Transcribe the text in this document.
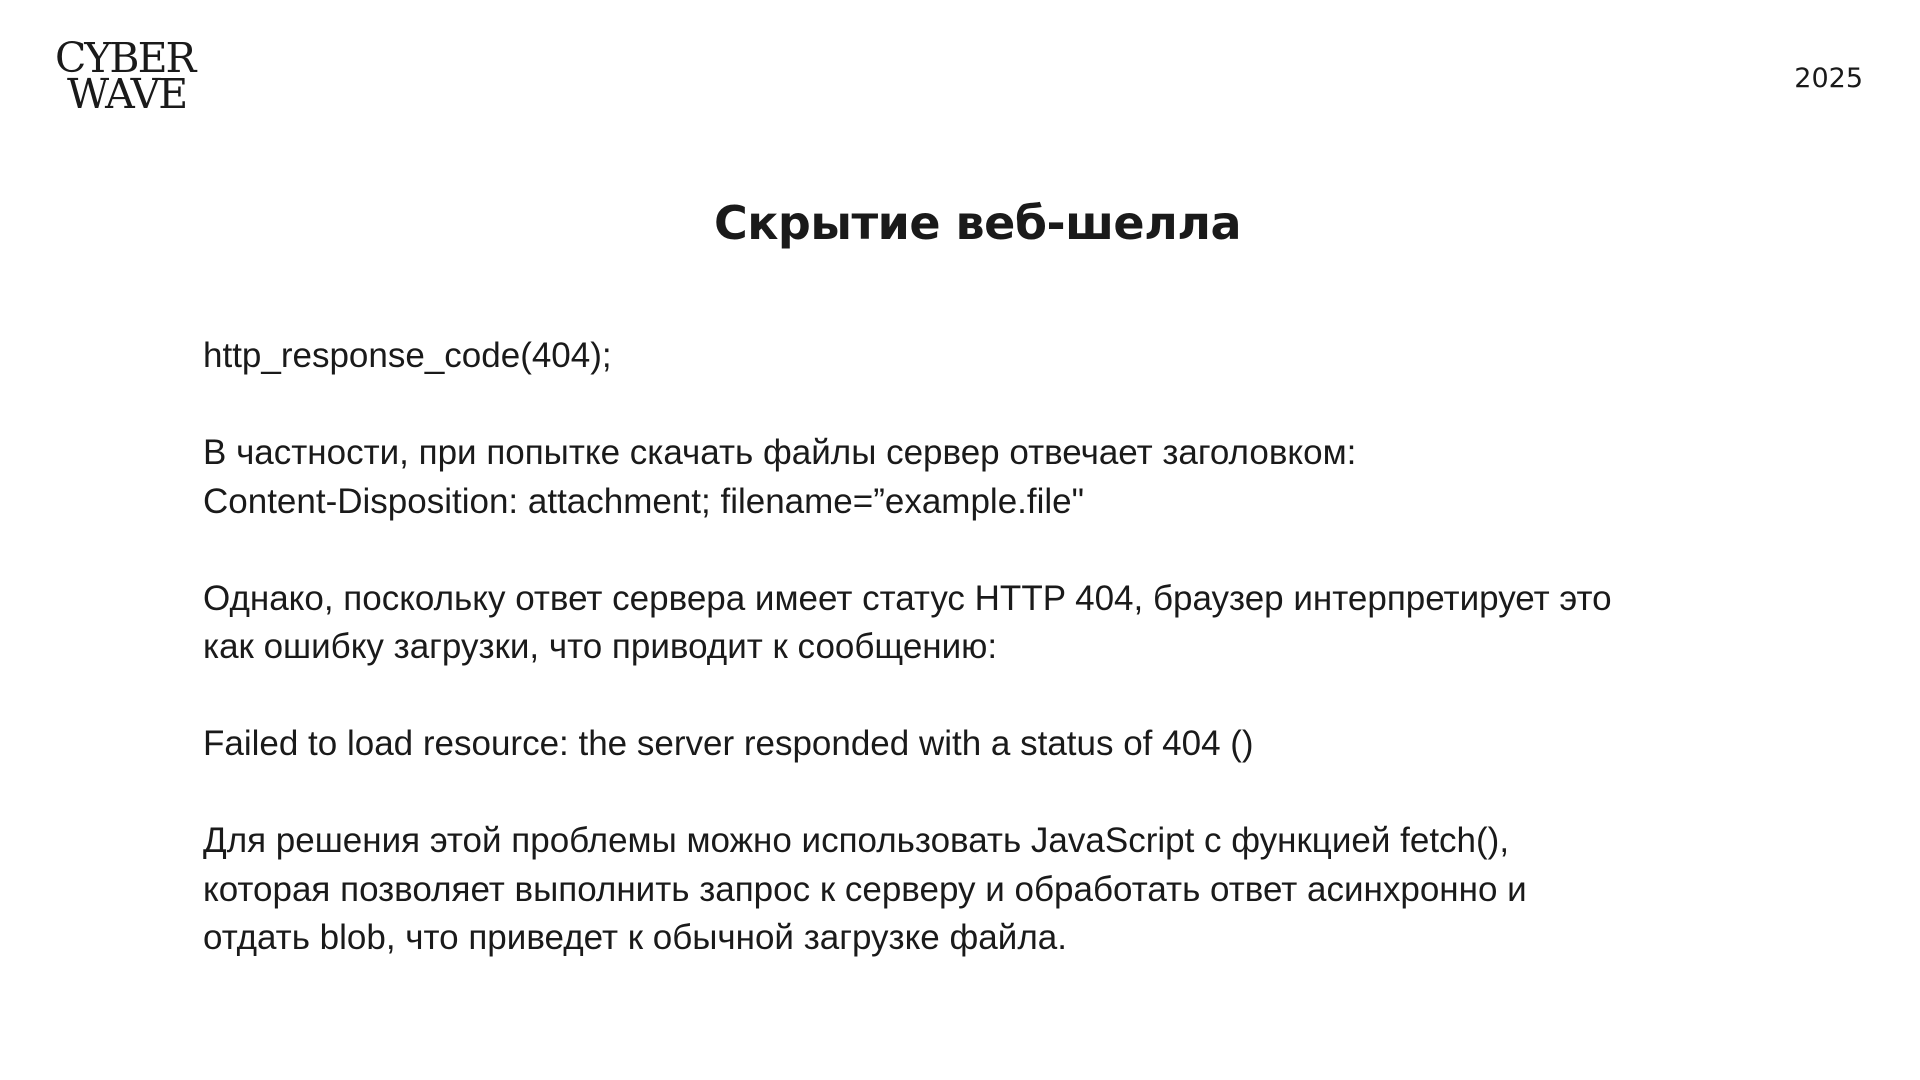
CYBER
WAVE	2025
Скрытие веб-шелла

http_response_code(404);

В частности, при попытке скачать файлы сервер отвечает заголовком:
Content-Disposition: attachment; filename=”example.file"

Однако, поскольку ответ сервера имеет статус HTTP 404, браузер интерпретирует это
как ошибку загрузки, что приводит к сообщению:

Failed to load resource: the server responded with a status of 404 ()

Для решения этой проблемы можно использовать JavaScript с функцией fetch(),
которая позволяет выполнить запрос к серверу и обработать ответ асинхронно и
отдать blob, что приведет к обычной загрузке файла.
